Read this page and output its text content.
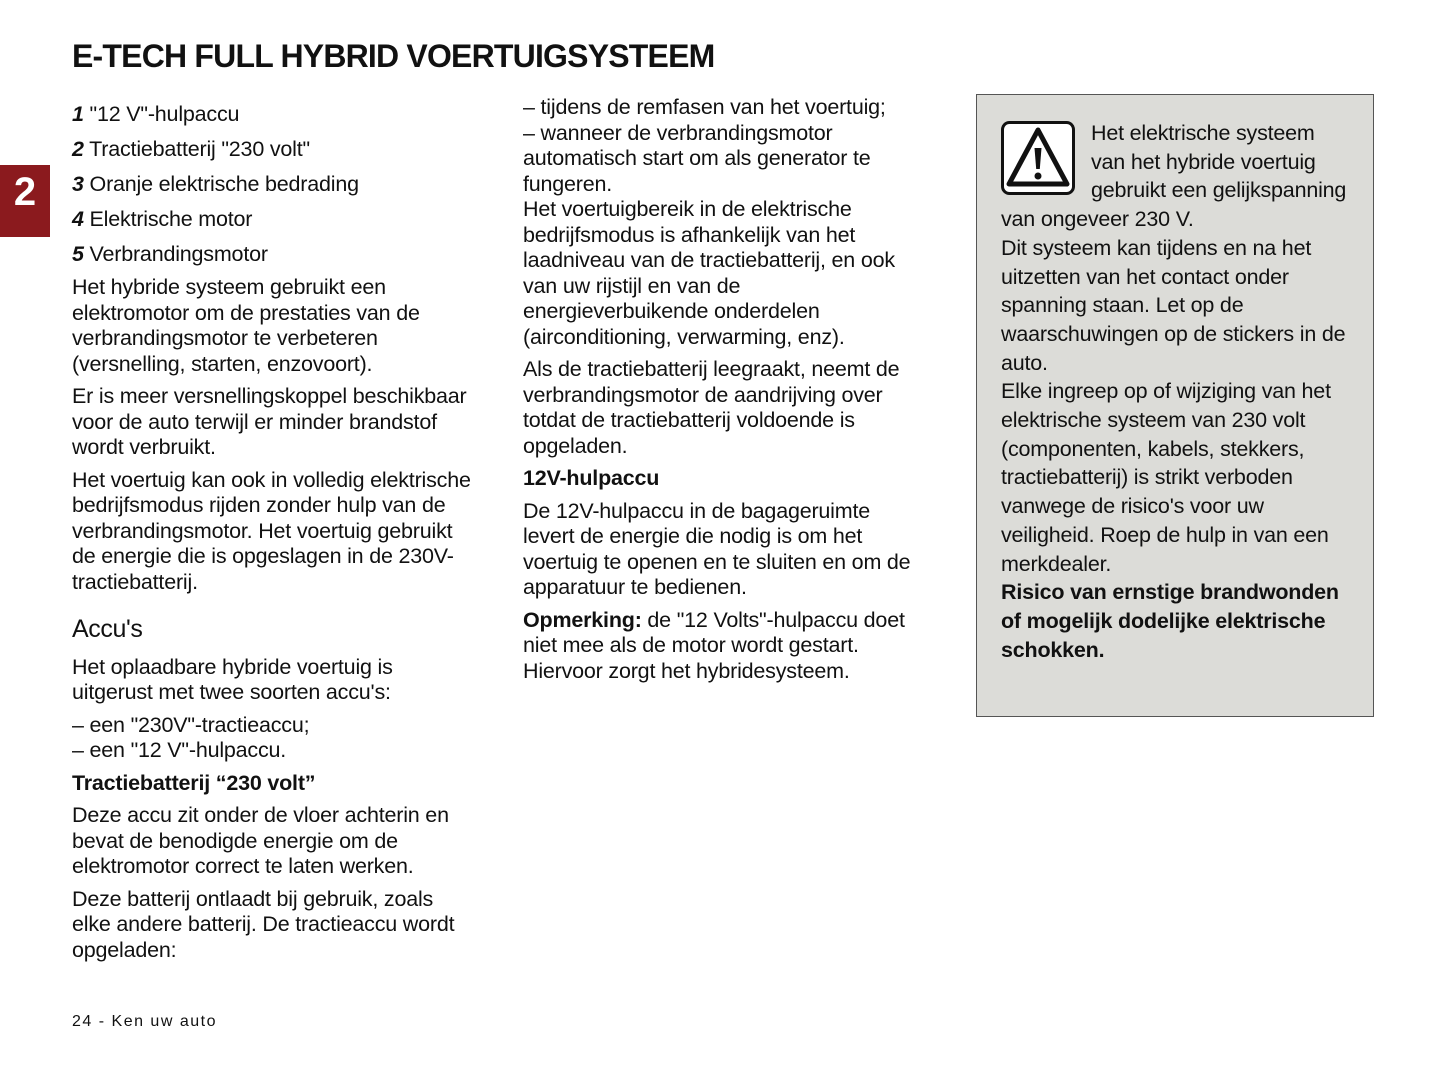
E-TECH FULL HYBRID VOERTUIGSYSTEEM
2
1 "12 V"-hulpaccu
2 Tractiebatterij "230 volt"
3 Oranje elektrische bedrading
4 Elektrische motor
5 Verbrandingsmotor

Het hybride systeem gebruikt een elektromotor om de prestaties van de verbrandingsmotor te verbeteren (versnelling, starten, enzovoort).

Er is meer versnellingskoppel beschikbaar voor de auto terwijl er minder brandstof wordt verbruikt.

Het voertuig kan ook in volledig elektrische bedrijfsmodus rijden zonder hulp van de verbrandingsmotor. Het voertuig gebruikt de energie die is opgeslagen in de 230V-tractiebatterij.

Accu's

Het oplaadbare hybride voertuig is uitgerust met twee soorten accu's:

– een "230V"-tractieaccu;

– een "12 V"-hulpaccu.

Tractiebatterij “230 volt”

Deze accu zit onder de vloer achterin en bevat de benodigde energie om de elektromotor correct te laten werken.

Deze batterij ontlaadt bij gebruik, zoals elke andere batterij. De tractieaccu wordt opgeladen:

– tijdens de remfasen van het voertuig;

– wanneer de verbrandingsmotor automatisch start om als generator te fungeren.

Het voertuigbereik in de elektrische bedrijfsmodus is afhankelijk van het laadniveau van de tractiebatterij, en ook van uw rijstijl en van de energieverbuikende onderdelen (airconditioning, verwarming, enz).

Als de tractiebatterij leegraakt, neemt de verbrandingsmotor de aandrijving over totdat de tractiebatterij voldoende is opgeladen.

12V-hulpaccu

De 12V-hulpaccu in de bagageruimte levert de energie die nodig is om het voertuig te openen en te sluiten en om de apparatuur te bedienen.

Opmerking: de "12 Volts"-hulpaccu doet niet mee als de motor wordt gestart. Hiervoor zorgt het hybridesysteem.

Het elektrische systeem van het hybride voertuig gebruikt een gelijkspanning van ongeveer 230 V.

Dit systeem kan tijdens en na het uitzetten van het contact onder spanning staan. Let op de waarschuwingen op de stickers in de auto.

Elke ingreep op of wijziging van het elektrische systeem van 230 volt (componenten, kabels, stekkers, tractiebatterij) is strikt verboden vanwege de risico's voor uw veiligheid. Roep de hulp in van een merkdealer.

Risico van ernstige brandwonden of mogelijk dodelijke elektrische schokken.

24 - Ken uw auto
